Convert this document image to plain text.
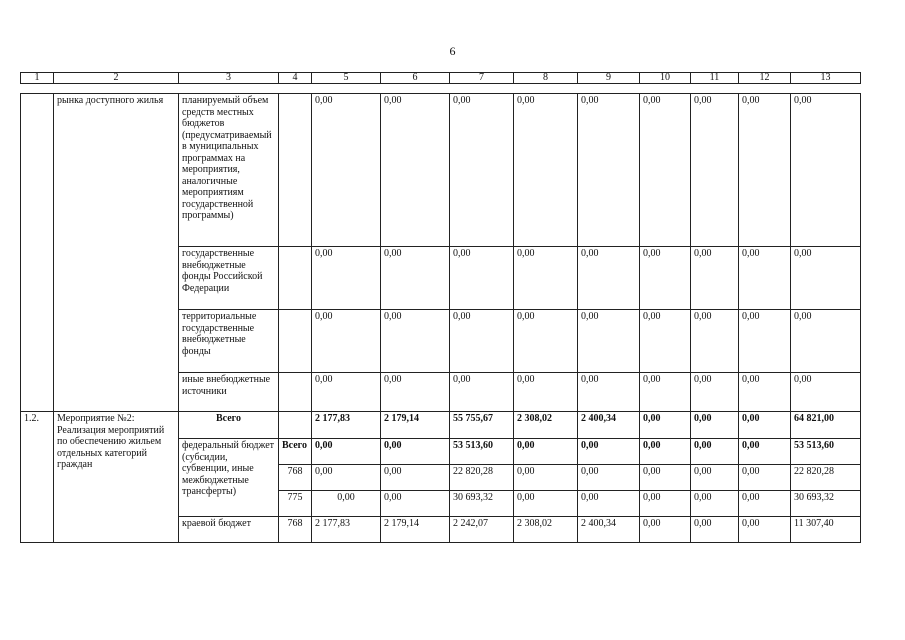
6
1	2	3	4	5	6	7	8	9	10	11	12	13
	рынка доступного жилья	планируемый объем средств местных бюджетов (предусматриваемый в муниципальных программах на мероприятия, аналогичные мероприятиям государственной программы)		0,00	0,00	0,00	0,00	0,00	0,00	0,00	0,00	0,00
		государственные внебюджетные фонды Российской Федерации		0,00	0,00	0,00	0,00	0,00	0,00	0,00	0,00	0,00
		территориальные государственные внебюджетные фонды		0,00	0,00	0,00	0,00	0,00	0,00	0,00	0,00	0,00
		иные внебюджетные источники		0,00	0,00	0,00	0,00	0,00	0,00	0,00	0,00	0,00
1.2.	Мероприятие №2: Реализация мероприятий по обеспечению жильем отдельных категорий граждан	Всего		2 177,83	2 179,14	55 755,67	2 308,02	2 400,34	0,00	0,00	0,00	64 821,00
		федеральный бюджет (субсидии, субвенции, иные межбюджетные трансферты)	Всего	0,00	0,00	53 513,60	0,00	0,00	0,00	0,00	0,00	53 513,60
			768	0,00	0,00	22 820,28	0,00	0,00	0,00	0,00	0,00	22 820,28
			775	0,00	0,00	30 693,32	0,00	0,00	0,00	0,00	0,00	30 693,32
		краевой бюджет	768	2 177,83	2 179,14	2 242,07	2 308,02	2 400,34	0,00	0,00	0,00	11 307,40
